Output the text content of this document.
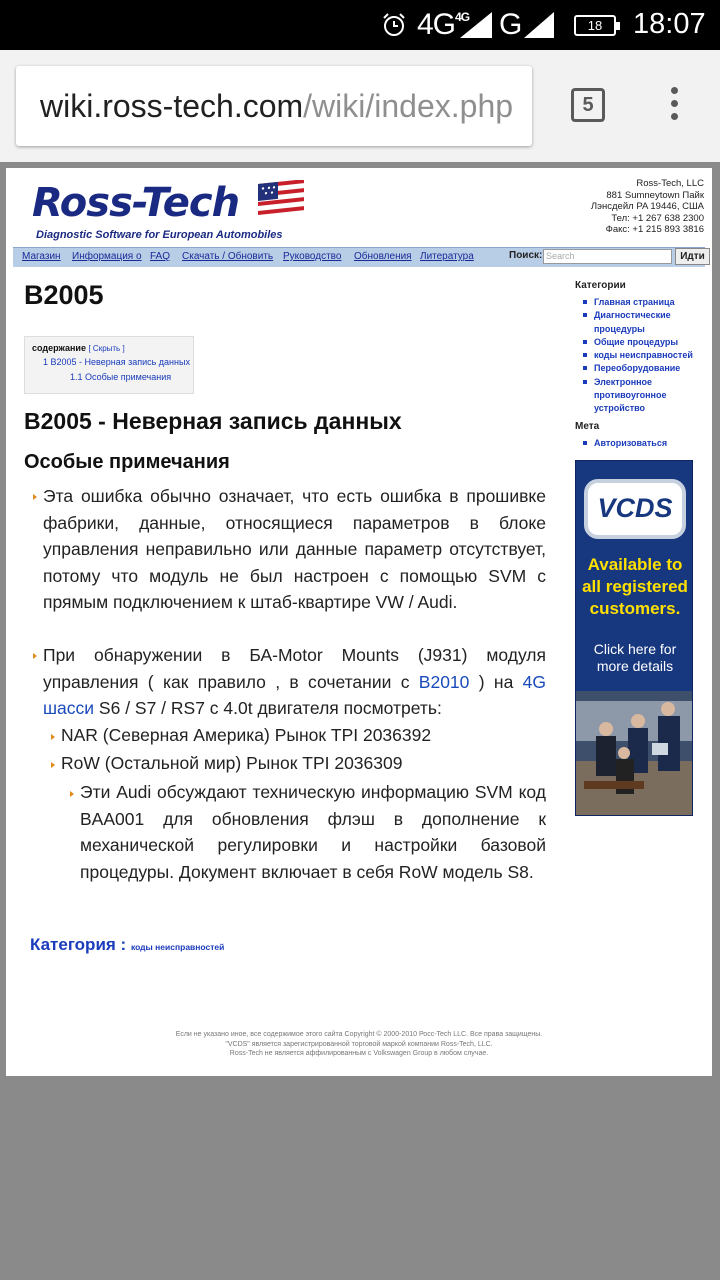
$4G^{4G}$ G	18	18:07
wiki.ross-tech.com/wiki/index.php	5
Ross-Tech
Diagnostic Software for European Automobiles
Ross-Tech, LLC
881 Sumneytown Пайк
Лэнсдейл PA 19446, США
Тел: +1 267 638 2300
Факс: +1 215 893 3816
Магазин Информация о FAQ Скачать / Обновить Руководство Обновления Литература	Поиск: Search	Идти
B2005
содержание [ Скрыть ]
1 B2005 - Неверная запись данных
1.1 Особые примечания
B2005 - Неверная запись данных
Особые примечания
Эта ошибка обычно означает, что есть ошибка в прошивке фабрики, данные, относящиеся параметров в блоке управления неправильно или данные параметр отсутствует, потому что модуль не был настроен с помощью SVM с прямым подключением к штаб-квартире VW / Audi.
При обнаружении в БА-Motor Mounts (J931) модуля управления ( как правило , в сочетании с B2010 ) на 4G шасси S6 / S7 / RS7 с 4.0t двигателя посмотреть:
NAR (Северная Америка) Рынок TPI 2036392
RoW (Остальной мир) Рынок TPI 2036309
Эти Audi обсуждают техническую информацию SVM код BAA001 для обновления флэш в дополнение к механической регулировки и настройки базовой процедуры. Документ включает в себя RoW модель S8.
Категория : коды неисправностей
Категории
Главная страница
Диагностические процедуры
Общие процедуры
коды неисправностей
Переоборудование
Электронное противоугонное устройство
Мета
Авторизоваться
VCDS
Available to all registered customers.
Click here for more details
Если не указано иное, все содержимое этого сайта Copyright © 2000-2010 Росс-Tech LLC. Все права защищены.
"VCDS" является зарегистрированной торговой маркой компании Ross-Tech, LLC.
Ross-Tech не является аффилированным с Volkswagen Group в любом случае.
